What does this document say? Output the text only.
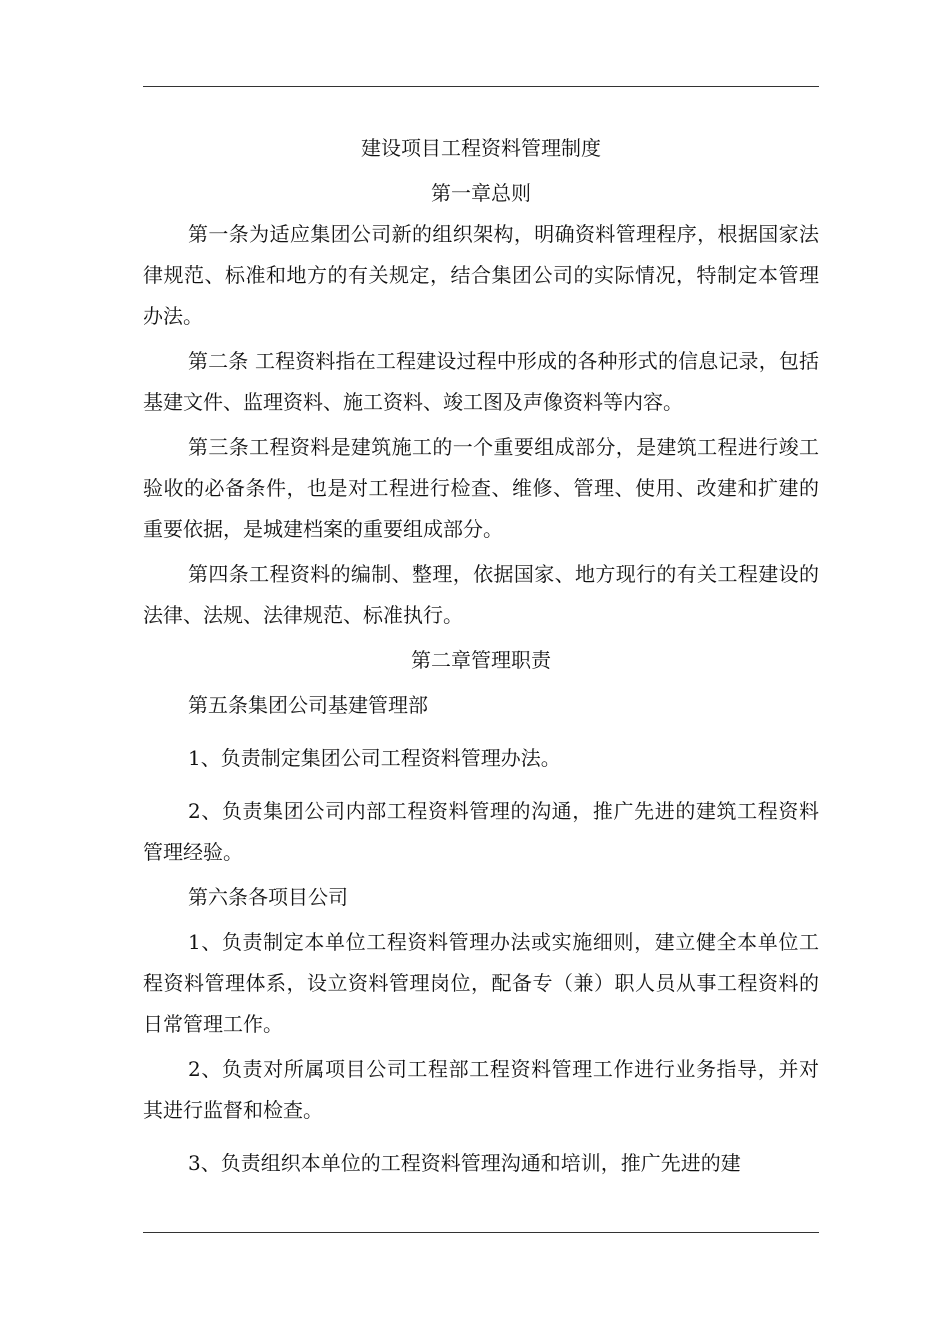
建设项目工程资料管理制度

第一章总则

第一条为适应集团公司新的组织架构，明确资料管理程序，根据国家法律规范、标准和地方的有关规定，结合集团公司的实际情况，特制定本管理办法。

第二条 工程资料指在工程建设过程中形成的各种形式的信息记录，包括基建文件、监理资料、施工资料、竣工图及声像资料等内容。

第三条工程资料是建筑施工的一个重要组成部分，是建筑工程进行竣工验收的必备条件，也是对工程进行检查、维修、管理、使用、改建和扩建的重要依据，是城建档案的重要组成部分。

第四条工程资料的编制、整理，依据国家、地方现行的有关工程建设的法律、法规、法律规范、标准执行。

第二章管理职责

第五条集团公司基建管理部

1、负责制定集团公司工程资料管理办法。

2、负责集团公司内部工程资料管理的沟通，推广先进的建筑工程资料管理经验。

第六条各项目公司

1、负责制定本单位工程资料管理办法或实施细则，建立健全本单位工程资料管理体系，设立资料管理岗位，配备专（兼）职人员从事工程资料的日常管理工作。

2、负责对所属项目公司工程部工程资料管理工作进行业务指导，并对其进行监督和检查。

3、负责组织本单位的工程资料管理沟通和培训，推广先进的建
